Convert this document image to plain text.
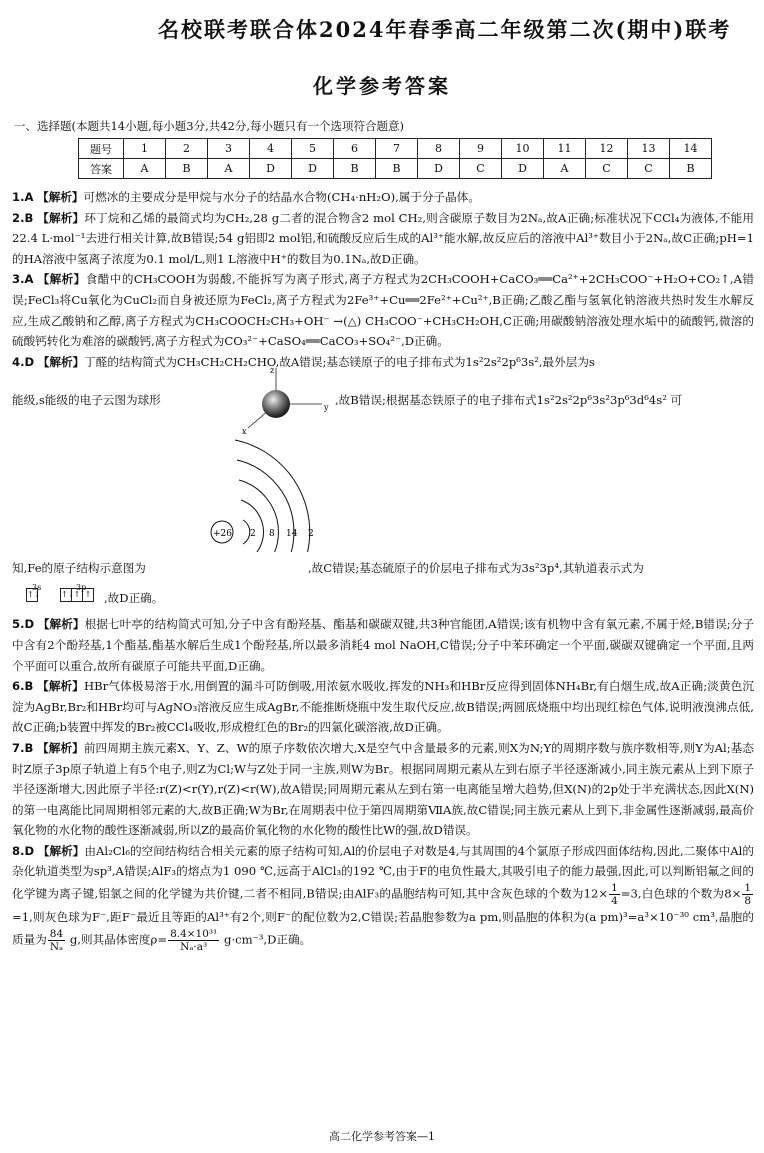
名校联考联合体2024年春季高二年级第二次(期中)联考
化学参考答案
一、选择题(本题共14小题,每小题3分,共42分,每小题只有一个选项符合题意)
题号	1	2	3	4	5	6	7	8	9	10	11	12	13	14
答案	A	B	A	D	D	B	B	D	C	D	A	C	C	B

1.A 【解析】可燃冰的主要成分是甲烷与水分子的结晶水合物(CH₄·nH₂O),属于分子晶体。

2.B 【解析】环丁烷和乙烯的最简式均为CH₂,28 g二者的混合物含2 mol CH₂,则含碳原子数目为2Nₐ,故A正确;标准状况下CCl₄为液体,不能用22.4 L·mol⁻¹去进行相关计算,故B错误;54 g铝即2 mol铝,和硫酸反应后生成的Al³⁺能水解,故反应后的溶液中Al³⁺数目小于2Nₐ,故C正确;pH=1的HA溶液中氢离子浓度为0.1 mol/L,则1 L溶液中H⁺的数目为0.1Nₐ,故D正确。

3.A 【解析】食醋中的CH₃COOH为弱酸,不能拆写为离子形式,离子方程式为2CH₃COOH+CaCO₃══Ca²⁺+2CH₃COO⁻+H₂O+CO₂↑,A错误;FeCl₃将Cu氧化为CuCl₂而自身被还原为FeCl₂,离子方程式为2Fe³⁺+Cu══2Fe²⁺+Cu²⁺,B正确;乙酸乙酯与氢氧化钠溶液共热时发生水解反应,生成乙酸钠和乙醇,离子方程式为CH₃COOCH₂CH₃+OH⁻ →(△) CH₃COO⁻+CH₃CH₂OH,C正确;用碳酸钠溶液处理水垢中的硫酸钙,微溶的硫酸钙转化为难溶的碳酸钙,离子方程式为CO₃²⁻+CaSO₄══CaCO₃+SO₄²⁻,D正确。

4.D 【解析】丁醛的结构简式为CH₃CH₂CH₂CHO,故A错误;基态镁原子的电子排布式为1s²2s²2p⁶3s²,最外层为s

能级,s能级的电子云图为球形
z
y
x
,故B错误;根据基态铁原子的电子排布式1s²2s²2p⁶3s²3p⁶3d⁶4s² 可
+26 2 8 14 2
知,Fe的原子结构示意图为	,故C错误;基态硫原子的价层电子排布式为3s²3p⁴,其轨道表示式为
3s
↑↓
3p
↑↓↑ ↑ ,故D正确。

5.D 【解析】根据七叶亭的结构简式可知,分子中含有酚羟基、酯基和碳碳双键,共3种官能团,A错误;该有机物中含有氧元素,不属于烃,B错误;分子中含有2个酚羟基,1个酯基,酯基水解后生成1个酚羟基,所以最多消耗4 mol NaOH,C错误;分子中苯环确定一个平面,碳碳双键确定一个平面,且两个平面可以重合,故所有碳原子可能共平面,D正确。

6.B 【解析】HBr气体极易溶于水,用倒置的漏斗可防倒吸,用浓氨水吸收,挥发的NH₃和HBr反应得到固体NH₄Br,有白烟生成,故A正确;淡黄色沉淀为AgBr,Br₂和HBr均可与AgNO₃溶液反应生成AgBr,不能推断烧瓶中发生取代反应,故B错误;两圆底烧瓶中均出现红棕色气体,说明液溴沸点低,故C正确;b装置中挥发的Br₂被CCl₄吸收,形成橙红色的Br₂的四氯化碳溶液,故D正确。

7.B 【解析】前四周期主族元素X、Y、Z、W的原子序数依次增大,X是空气中含量最多的元素,则X为N;Y的周期序数与族序数相等,则Y为Al;基态时Z原子3p原子轨道上有5个电子,则Z为Cl;W与Z处于同一主族,则W为Br。根据同周期元素从左到右原子半径逐渐减小,同主族元素从上到下原子半径逐渐增大,因此原子半径:r(Z)<r(Y),r(Z)<r(W),故A错误;同周期元素从左到右第一电离能呈增大趋势,但X(N)的2p处于半充满状态,因此X(N)的第一电离能比同周期相邻元素的大,故B正确;W为Br,在周期表中位于第四周期第ⅦA族,故C错误;同主族元素从上到下,非金属性逐渐减弱,最高价氧化物的水化物的酸性逐渐减弱,所以Z的最高价氧化物的水化物的酸性比W的强,故D错误。

8.D 【解析】由Al₂Cl₆的空间结构结合相关元素的原子结构可知,Al的价层电子对数是4,与其周围的4个氯原子形成四面体结构,因此,二聚体中Al的杂化轨道类型为sp³,A错误;AlF₃的熔点为1 090 ℃,远高于AlCl₃的192 ℃,由于F的电负性最大,其吸引电子的能力最强,因此,可以判断铝氟之间的化学键为离子键,铝氯之间的化学键为共价键,二者不相同,B错误;由AlF₃的晶胞结构可知,其中含灰色球的个数为$12\times \frac{1}{4} =3$,白色球的个数为$8\times \frac{1}{8}$
=1,则灰色球为F⁻,距F⁻最近且等距的Al³⁺有2个,则F⁻的配位数为2,C错误;若晶胞参数为a pm,则晶胞的体积为(a pm)³=a³×10⁻³⁰ cm³,晶胞的质量为 $\frac{84}{\text{Nₐ}} g$,则其晶体密度$\rho= \frac{\text{8.4×10³¹}}{\text{Nₐ·a³}} g\cdot cm^{-3},D$正确。

高二化学参考答案—1
